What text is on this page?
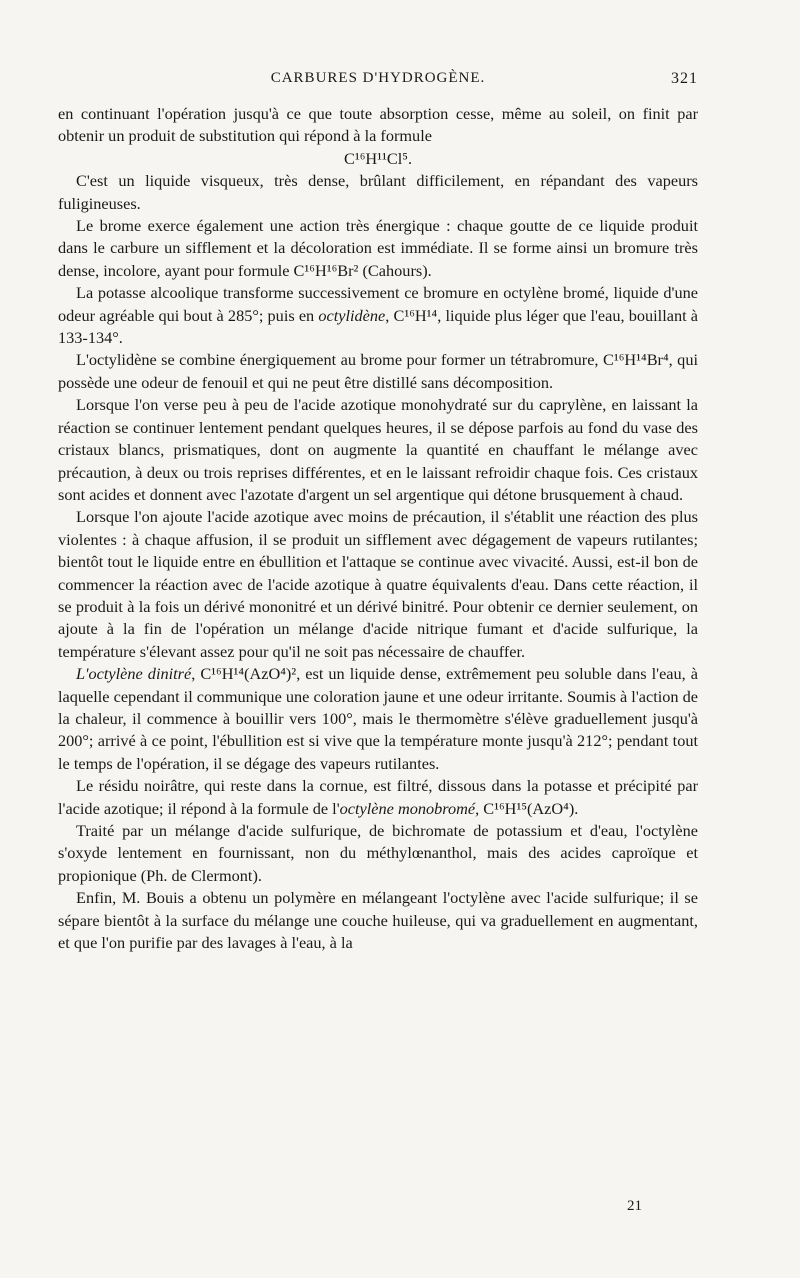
CARBURES D'HYDROGÈNE.	321

en continuant l'opération jusqu'à ce que toute absorption cesse, même au soleil, on finit par obtenir un produit de substitution qui répond à la formule

C¹⁶H¹¹Cl⁵.

C'est un liquide visqueux, très dense, brûlant difficilement, en répandant des vapeurs fuligineuses.

Le brome exerce également une action très énergique : chaque goutte de ce liquide produit dans le carbure un sifflement et la décoloration est immédiate. Il se forme ainsi un bromure très dense, incolore, ayant pour formule C¹⁶H¹⁶Br² (Cahours).

La potasse alcoolique transforme successivement ce bromure en octylène bromé, liquide d'une odeur agréable qui bout à 285°; puis en octylidène, C¹⁶H¹⁴, liquide plus léger que l'eau, bouillant à 133-134°.

L'octylidène se combine énergiquement au brome pour former un tétrabromure, C¹⁶H¹⁴Br⁴, qui possède une odeur de fenouil et qui ne peut être distillé sans décomposition.

Lorsque l'on verse peu à peu de l'acide azotique monohydraté sur du caprylène, en laissant la réaction se continuer lentement pendant quelques heures, il se dépose parfois au fond du vase des cristaux blancs, prismatiques, dont on augmente la quantité en chauffant le mélange avec précaution, à deux ou trois reprises différentes, et en le laissant refroidir chaque fois. Ces cristaux sont acides et donnent avec l'azotate d'argent un sel argentique qui détone brusquement à chaud.

Lorsque l'on ajoute l'acide azotique avec moins de précaution, il s'établit une réaction des plus violentes : à chaque affusion, il se produit un sifflement avec dégagement de vapeurs rutilantes; bientôt tout le liquide entre en ébullition et l'attaque se continue avec vivacité. Aussi, est-il bon de commencer la réaction avec de l'acide azotique à quatre équivalents d'eau. Dans cette réaction, il se produit à la fois un dérivé mononitré et un dérivé binitré. Pour obtenir ce dernier seulement, on ajoute à la fin de l'opération un mélange d'acide nitrique fumant et d'acide sulfurique, la température s'élevant assez pour qu'il ne soit pas nécessaire de chauffer.

L'octylène dinitré, C¹⁶H¹⁴(AzO⁴)², est un liquide dense, extrêmement peu soluble dans l'eau, à laquelle cependant il communique une coloration jaune et une odeur irritante. Soumis à l'action de la chaleur, il commence à bouillir vers 100°, mais le thermomètre s'élève graduellement jusqu'à 200°; arrivé à ce point, l'ébullition est si vive que la température monte jusqu'à 212°; pendant tout le temps de l'opération, il se dégage des vapeurs rutilantes.

Le résidu noirâtre, qui reste dans la cornue, est filtré, dissous dans la potasse et précipité par l'acide azotique; il répond à la formule de l'octylène monobromé, C¹⁶H¹⁵(AzO⁴).

Traité par un mélange d'acide sulfurique, de bichromate de potassium et d'eau, l'octylène s'oxyde lentement en fournissant, non du méthylœnanthol, mais des acides caproïque et propionique (Ph. de Clermont).

Enfin, M. Bouis a obtenu un polymère en mélangeant l'octylène avec l'acide sulfurique; il se sépare bientôt à la surface du mélange une couche huileuse, qui va graduellement en augmentant, et que l'on purifie par des lavages à l'eau, à la

21
